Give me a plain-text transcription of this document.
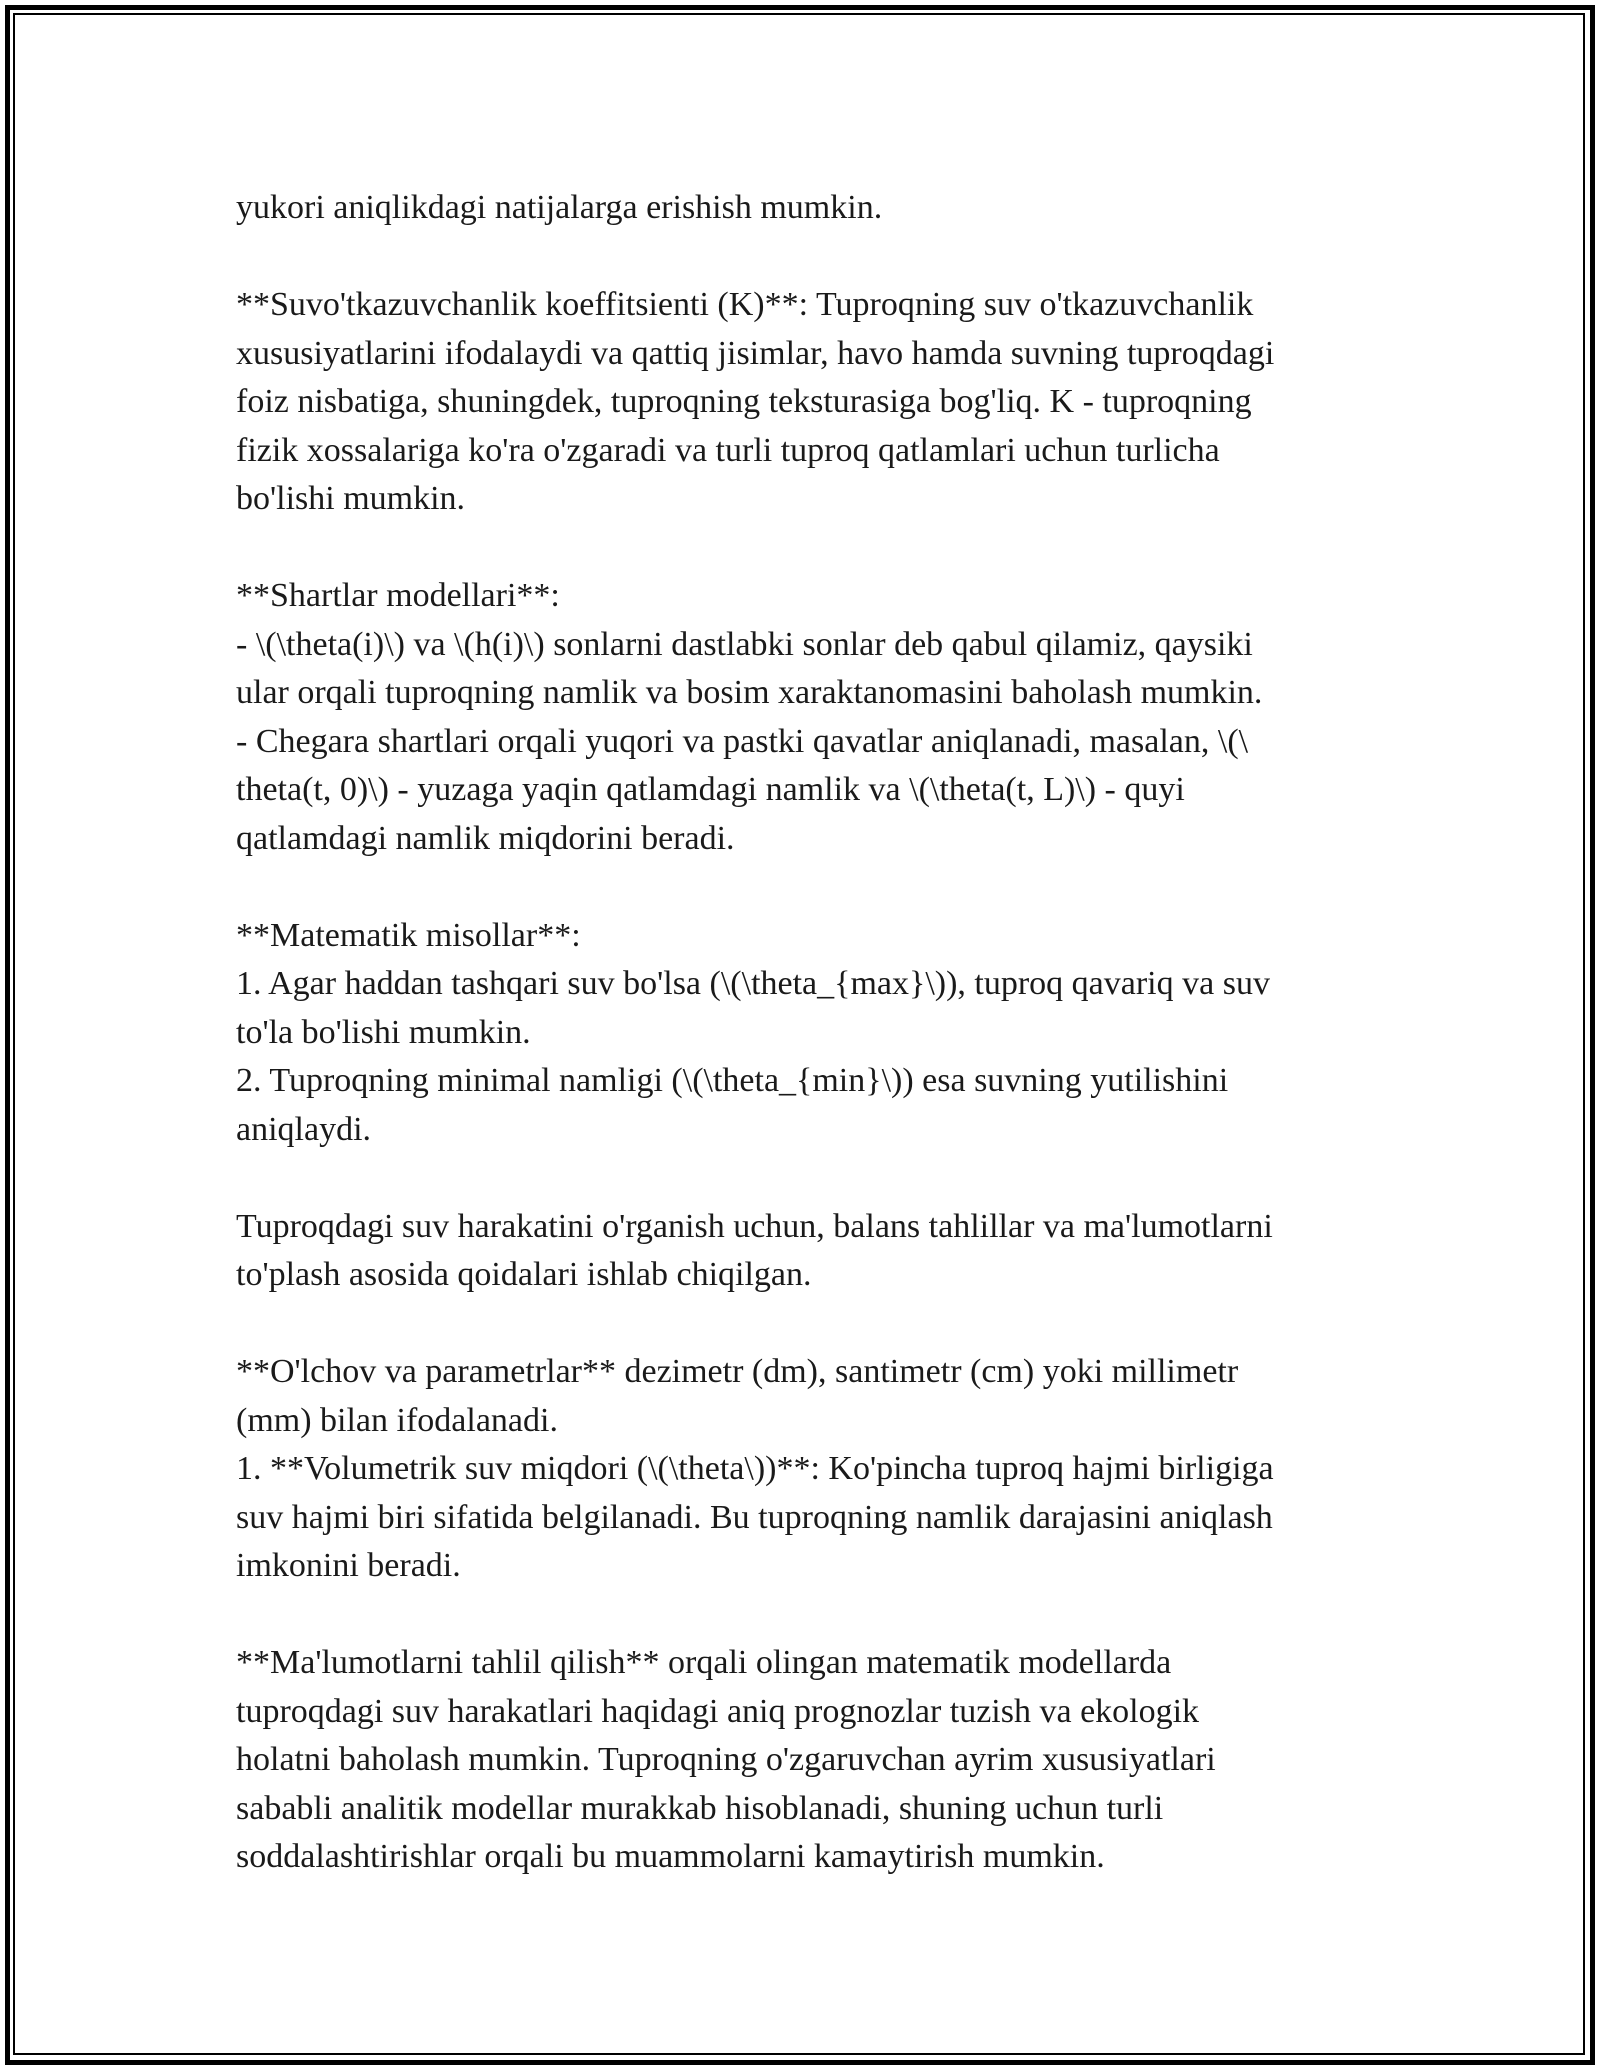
yukori aniqlikdagi natijalarga erishish mumkin.
**Suvo'tkazuvchanlik koeffitsienti (K)**: Tuproqning suv o'tkazuvchanlik
xususiyatlarini ifodalaydi va qattiq jisimlar, havo hamda suvning tuproqdagi
foiz nisbatiga, shuningdek, tuproqning teksturasiga bog'liq. K - tuproqning
fizik xossalariga ko'ra o'zgaradi va turli tuproq qatlamlari uchun turlicha
bo'lishi mumkin.
**Shartlar modellari**:
- \(\theta(i)\) va \(h(i)\) sonlarni dastlabki sonlar deb qabul qilamiz, qaysiki
ular orqali tuproqning namlik va bosim xaraktanomasini baholash mumkin.
- Chegara shartlari orqali yuqori va pastki qavatlar aniqlanadi, masalan, \(\
theta(t, 0)\) - yuzaga yaqin qatlamdagi namlik va \(\theta(t, L)\) - quyi
qatlamdagi namlik miqdorini beradi.
**Matematik misollar**:
1. Agar haddan tashqari suv bo'lsa (\(\theta_{max}\)), tuproq qavariq va suv
to'la bo'lishi mumkin.
2. Tuproqning minimal namligi (\(\theta_{min}\)) esa suvning yutilishini
aniqlaydi.
Tuproqdagi suv harakatini o'rganish uchun, balans tahlillar va ma'lumotlarni
to'plash asosida qoidalari ishlab chiqilgan.
**O'lchov va parametrlar** dezimetr (dm), santimetr (cm) yoki millimetr
(mm) bilan ifodalanadi.
1. **Volumetrik suv miqdori (\(\theta\))**: Ko'pincha tuproq hajmi birligiga
suv hajmi biri sifatida belgilanadi. Bu tuproqning namlik darajasini aniqlash
imkonini beradi.
**Ma'lumotlarni tahlil qilish** orqali olingan matematik modellarda
tuproqdagi suv harakatlari haqidagi aniq prognozlar tuzish va ekologik
holatni baholash mumkin. Tuproqning o'zgaruvchan ayrim xususiyatlari
sababli analitik modellar murakkab hisoblanadi, shuning uchun turli
soddalashtirishlar orqali bu muammolarni kamaytirish mumkin.
